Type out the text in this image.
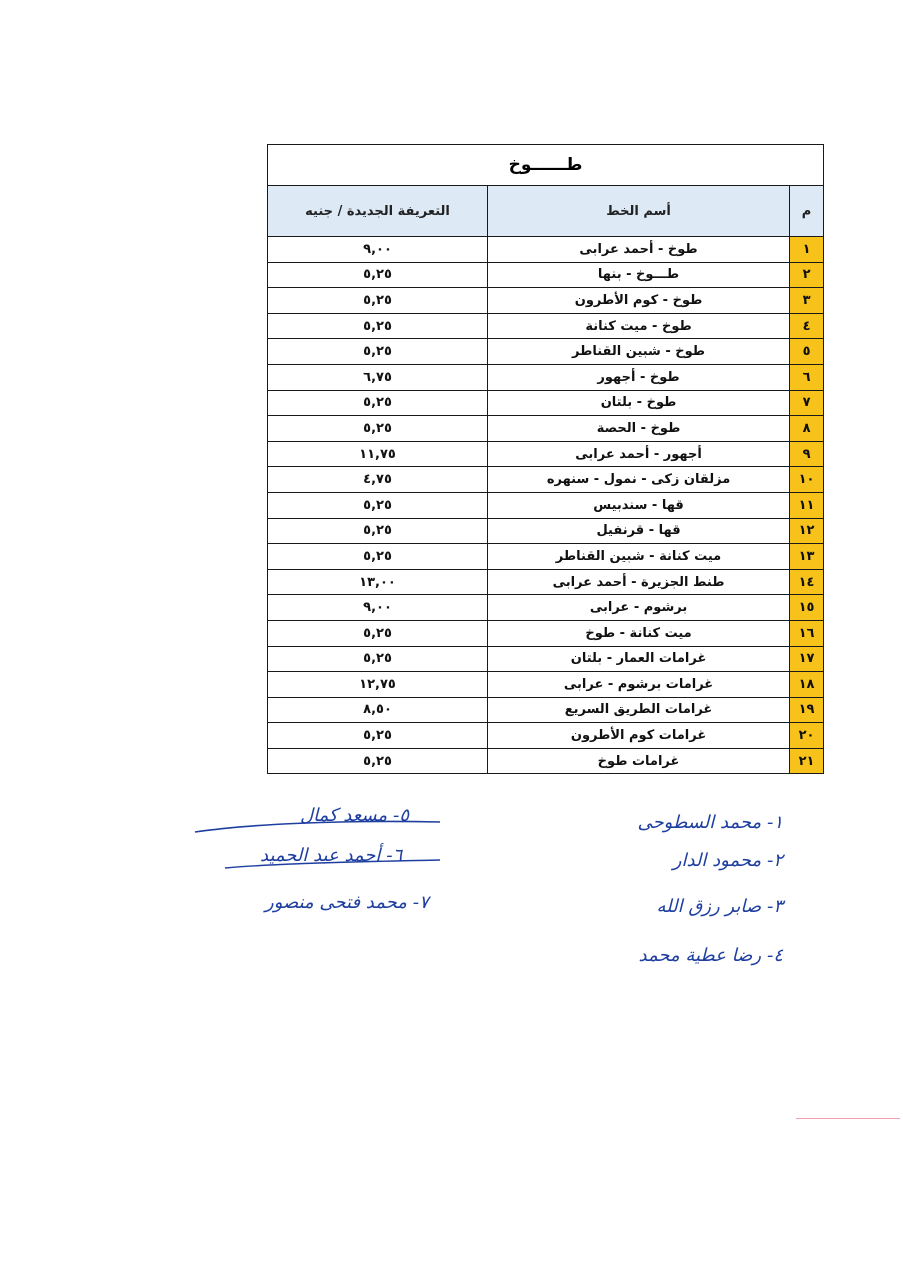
طــــــوخ		
م	أسم الخط	التعريفة الجديدة / جنيه
١	طوخ - أحمد عرابى	٩,٠٠
٢	طـــوخ - بنها	٥,٢٥
٣	طوخ - كوم الأطرون	٥,٢٥
٤	طوخ - ميت كنانة	٥,٢٥
٥	طوخ - شبين القناطر	٥,٢٥
٦	طوخ - أجهور	٦,٧٥
٧	طوخ - بلتان	٥,٢٥
٨	طوخ - الحصة	٥,٢٥
٩	أجهور - أحمد عرابى	١١,٧٥
١٠	مزلقان زكى - نمول - سنهره	٤,٧٥
١١	قها - سندبيس	٥,٢٥
١٢	قها - قرنفيل	٥,٢٥
١٣	ميت كنانة - شبين القناطر	٥,٢٥
١٤	طنط الجزيرة - أحمد عرابى	١٣,٠٠
١٥	برشوم - عرابى	٩,٠٠
١٦	ميت كنانة - طوخ	٥,٢٥
١٧	غرامات العمار - بلتان	٥,٢٥
١٨	غرامات برشوم - عرابى	١٢,٧٥
١٩	غرامات الطريق السريع	٨,٥٠
٢٠	غرامات كوم الأطرون	٥,٢٥
٢١	غرامات طوخ	٥,٢٥
١- محمد السطوحى
٢- محمود الدار
٣- صابر رزق الله
٤- رضا عطية محمد
٥- مسعد كمال
٦- أحمد عبد الحميد
٧- محمد فتحى منصور
